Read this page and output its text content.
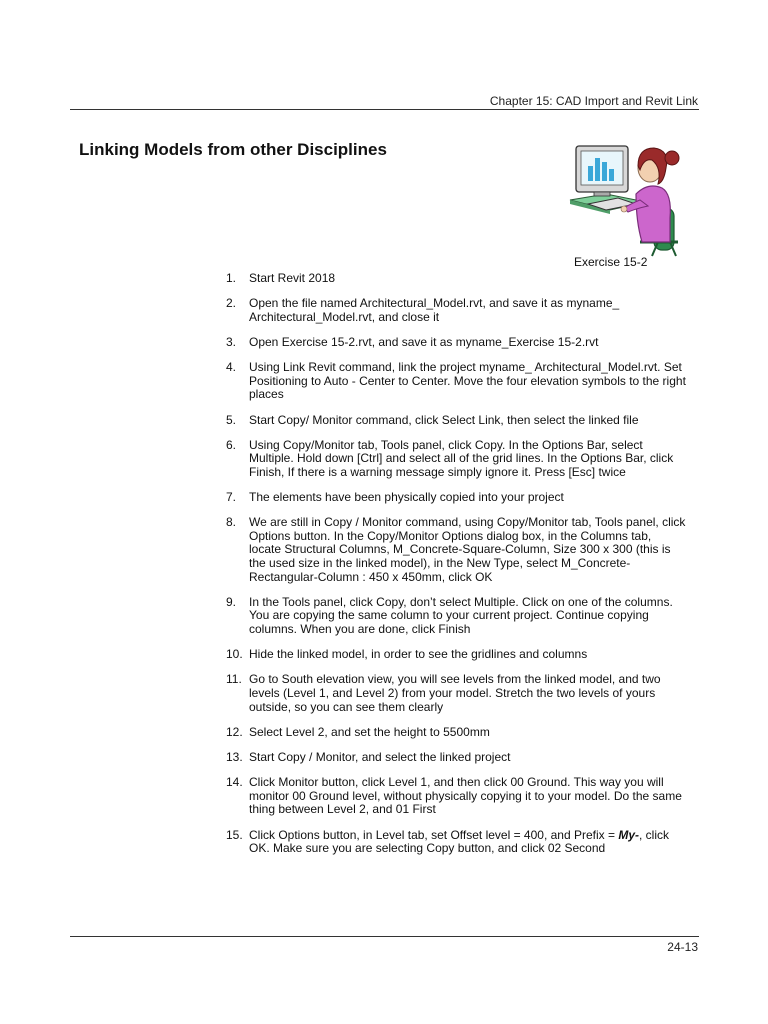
Chapter 15: CAD Import and Revit Link
Linking Models from other Disciplines
Exercise 15-2
1.	Start Revit 2018
2.	Open the file named Architectural_Model.rvt, and save it as myname_ Architectural_Model.rvt, and close it
3.	Open Exercise 15-2.rvt, and save it as myname_Exercise 15-2.rvt
4.	Using Link Revit command, link the project myname_ Architectural_Model.rvt. Set Positioning to Auto - Center to Center. Move the four elevation symbols to the right places
5.	Start Copy/ Monitor command, click Select Link, then select the linked file
6.	Using Copy/Monitor tab, Tools panel, click Copy. In the Options Bar, select Multiple. Hold down [Ctrl] and select all of the grid lines. In the Options Bar, click Finish, If there is a warning message simply ignore it. Press [Esc] twice
7.	The elements have been physically copied into your project
8.	We are still in Copy / Monitor command, using Copy/Monitor tab, Tools panel, click Options button. In the Copy/Monitor Options dialog box, in the Columns tab, locate Structural Columns, M_Concrete-Square-Column, Size 300 x 300 (this is the used size in the linked model), in the New Type, select M_Concrete-Rectangular-Column : 450 x 450mm, click OK
9.	In the Tools panel, click Copy, don’t select Multiple. Click on one of the columns. You are copying the same column to your current project. Continue copying columns. When you are done, click Finish
10. Hide the linked model, in order to see the gridlines and columns
11. Go to South elevation view, you will see levels from the linked model, and two levels (Level 1, and Level 2) from your model. Stretch the two levels of yours outside, so you can see them clearly
12. Select Level 2, and set the height to 5500mm
13. Start Copy / Monitor, and select the linked project
14. Click Monitor button, click Level 1, and then click 00 Ground. This way you will monitor 00 Ground level, without physically copying it to your model. Do the same thing between Level 2, and 01 First
15. Click Options button, in Level tab, set Offset level = 400, and Prefix = My-, click OK. Make sure you are selecting Copy button, and click 02 Second
24-13
